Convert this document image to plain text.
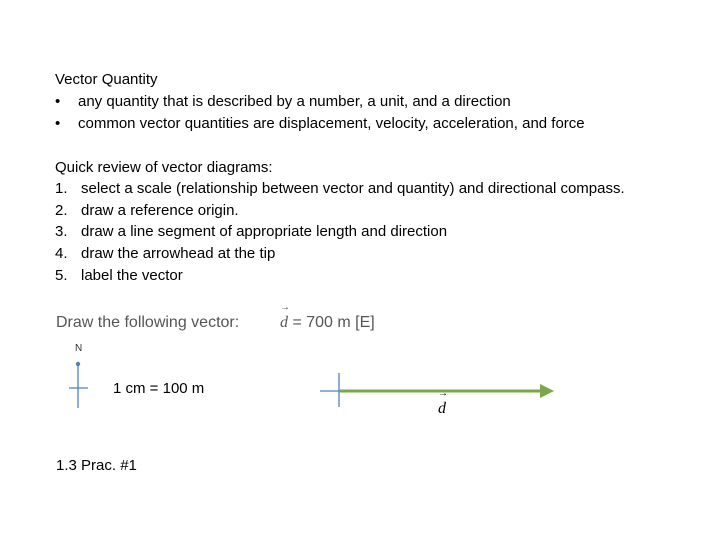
Vector Quantity
• any quantity that is described by a number, a unit, and a direction
• common vector quantities are displacement, velocity, acceleration, and force
Quick review of vector diagrams:
1. select a scale (relationship between vector and quantity) and directional compass.
2. draw a reference origin.
3. draw a line segment of appropriate length and direction
4. draw the arrowhead at the tip
5. label the vector
Draw the following vector:
→	d = 700 m [E]
N
1 cm = 100 m
→ d
1.3 Prac. #1
